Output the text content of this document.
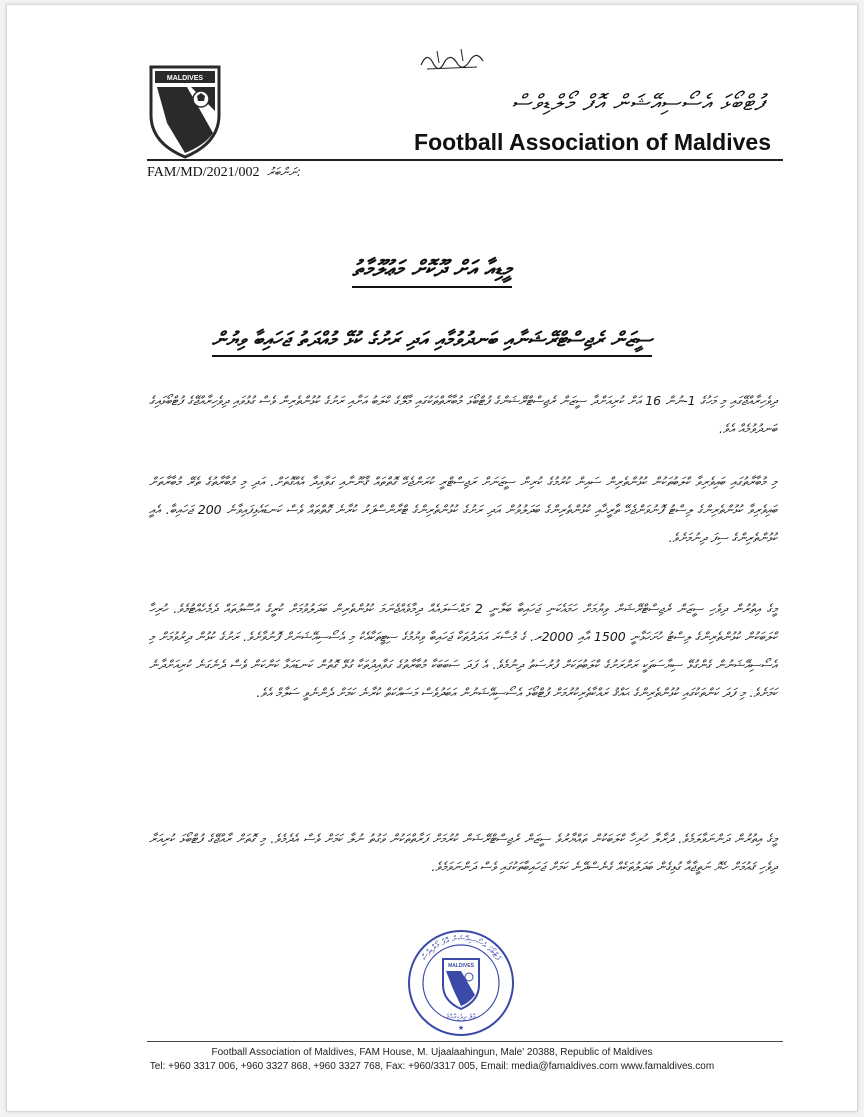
MALDIVES
ފުޓްބޯޅަ އެސޯސިއޭޝަން އޮފް މޯލްޑިވްސް
Football Association of Maldives
FAM/MD/2021/002 ނަންބަރު:
މީޑިއާ އަށް ދޫކޮށް މަޢުލޫމާތު
ސީޒަން ރެޖިސްޓްރޭޝަނާއި ބަނދުވުމާއި އަދި ރަށުގެ ކުޅޭ މުއްދަތު ޖަހައިބާ ވިޔުން
ދިވެހިރާއްޖޭގައި މި މަހުގެ 1-ނުން 16 އަށް ކުރިއަށްދާ ސީޒަން ރެޖިސްޓްރޭޝަންގެ ފުޓްބޯޅަ މުބާރާތްތަކުގައި މާލޭގެ ކްލަބު އަށާއި ރަށުގެ ކުޅުންތެރިން ވެސް ގުޅުވައި ދިވެހިރާއްޖޭގެ ފުޓްބޯޅައިގެ ބަނދުވުމެއް އެވެ.
މި މުބާރާތުގައި ބައިވެރިވާ ކްލަބުތަކުން ކުޅުންތެރިން ސައިން ކުރުމުގެ ކުރިން ސީޒަނަށް ރަޖިސްޓްރީ ކުރަންޖެހޭ ގޮތްތައް ޤާނޫނާއި ގަވާއިދާ އެއްގޮތަށް. އަދި މި މުބާރާތުގެ ތެރޭ މުބާރާތަށް ބައިވެރިވާ ކުޅުންތެރިންގެ ލިސްޓު ފޮނުވަންޖެހޭ ތާރީޚާއި ކުޅުންތެރިންގެ ބަދަލުވުން އަދި ރަށުގެ ކުޅުންތެރިންގެ ޓްރާންސްފަރު ކުރާނެ ގޮތްތައް ވެސް ކަނޑައެޅިފައިވާނެ 200 ޖަހައިބާ. އެއީ ކުޅުންތެރިންގެ ސިފަ ދިނުމަށެވެ.
މީގެ އިތުރުން ދިވެހި ސީޒަން ރެޖިސްޓްރޭޝަން ވިޔުމަށް ހަމައެކަނި ޖަހައިބާ ބަލާނީ 2 މައްސަލައެއް ދިމާވެއްޖެނަމަ ކުޅުންތެރިން ބަދަލުވުމަށް ކުރީގެ އުސޫލުތައް ދެމެހެއްޓުމެވެ. ހުރިހާ ކްލަބަކުން ކުޅުންތެރިންގެ ލިސްޓު ހުށަހަޅާނީ 1500 އާއި 2000ރ. ގެ މުސާރަ އަދަދުތަކާ ޖަހައިބާ ވިޔުމުގެ ސިޓީތަކާއެކު މި އެސޯސިއޭޝަނަށް ފޮނުވާށެވެ. ރަށުގެ ކުޅުން ދިރުވުމަށް މި އެސޯސިއޭޝަނުން ގެންގުޅޭ ސިޔާސަތަކީ ރަށްރަށުގެ ކްލަބުތަކަށް ފުރުސަތު ދިނުމެވެ. އެ ފަދަ ސަބަބަކާ މުބާރާތުގެ ގަވާއިދުތަކާ ގުޅޭ ގޮތުން ކަނޑައަޅާ ކަންކަން ވެސް ދެނެގަނެ ކުރިއަށްދާނެ ކަމަށެވެ. މި ފަދަ ކަންތަކުގައި ކުޅުންތެރިންގެ ޙައްޤު ރައްކާތެރިކުރުމަށް ފުޓްބޯޅަ އެސޯސިއޭޝަނުން އަބަދުވެސް މަސައްކަތް ކުރާނެ ކަމަށް ދެންނެވީ ސަލާމް އެވެ.
މީގެ އިތުރުން ދަންނަވާލަމެވެ. ދުރާލާ ހުރިހާ ކްލަބަކުން ތައްޔާރުވެ ސީޒަން ރެޖިސްޓްރޭޝަން ކުރުމަށް ފަރާތްތަކުން ވަގުތު ނުލާ ކަމަށް ވެސް އެދެމެވެ. މި ގޮތަށް ރާއްޖޭގެ ފުޓްބޯޅަ ކުރިއަރާ ދިވެހި ޤައުމަށް ހެޔޮ ނަތީޖާއާ ގުޅިގެން ބަދަލުތަކެއް ގެނެސްދޭނެ ކަމަށް ޖަހައިބާތަކުގައި ވެސް ދަންނަވަމެވެ.
ފުޓްބޯޅަ އެސޯސިއޭޝަން އޮފް މޯލްޑިވްސް
MALDIVES
މާލެ ދިވެހިރާއްޖެ
★
Football Association of Maldives, FAM House, M. Ujaalaahingun, Male' 20388, Republic of Maldives
Tel: +960 3317 006, +960 3327 868, +960 3327 768, Fax: +960/3317 005, Email: media@famaldives.com www.famaldives.com
